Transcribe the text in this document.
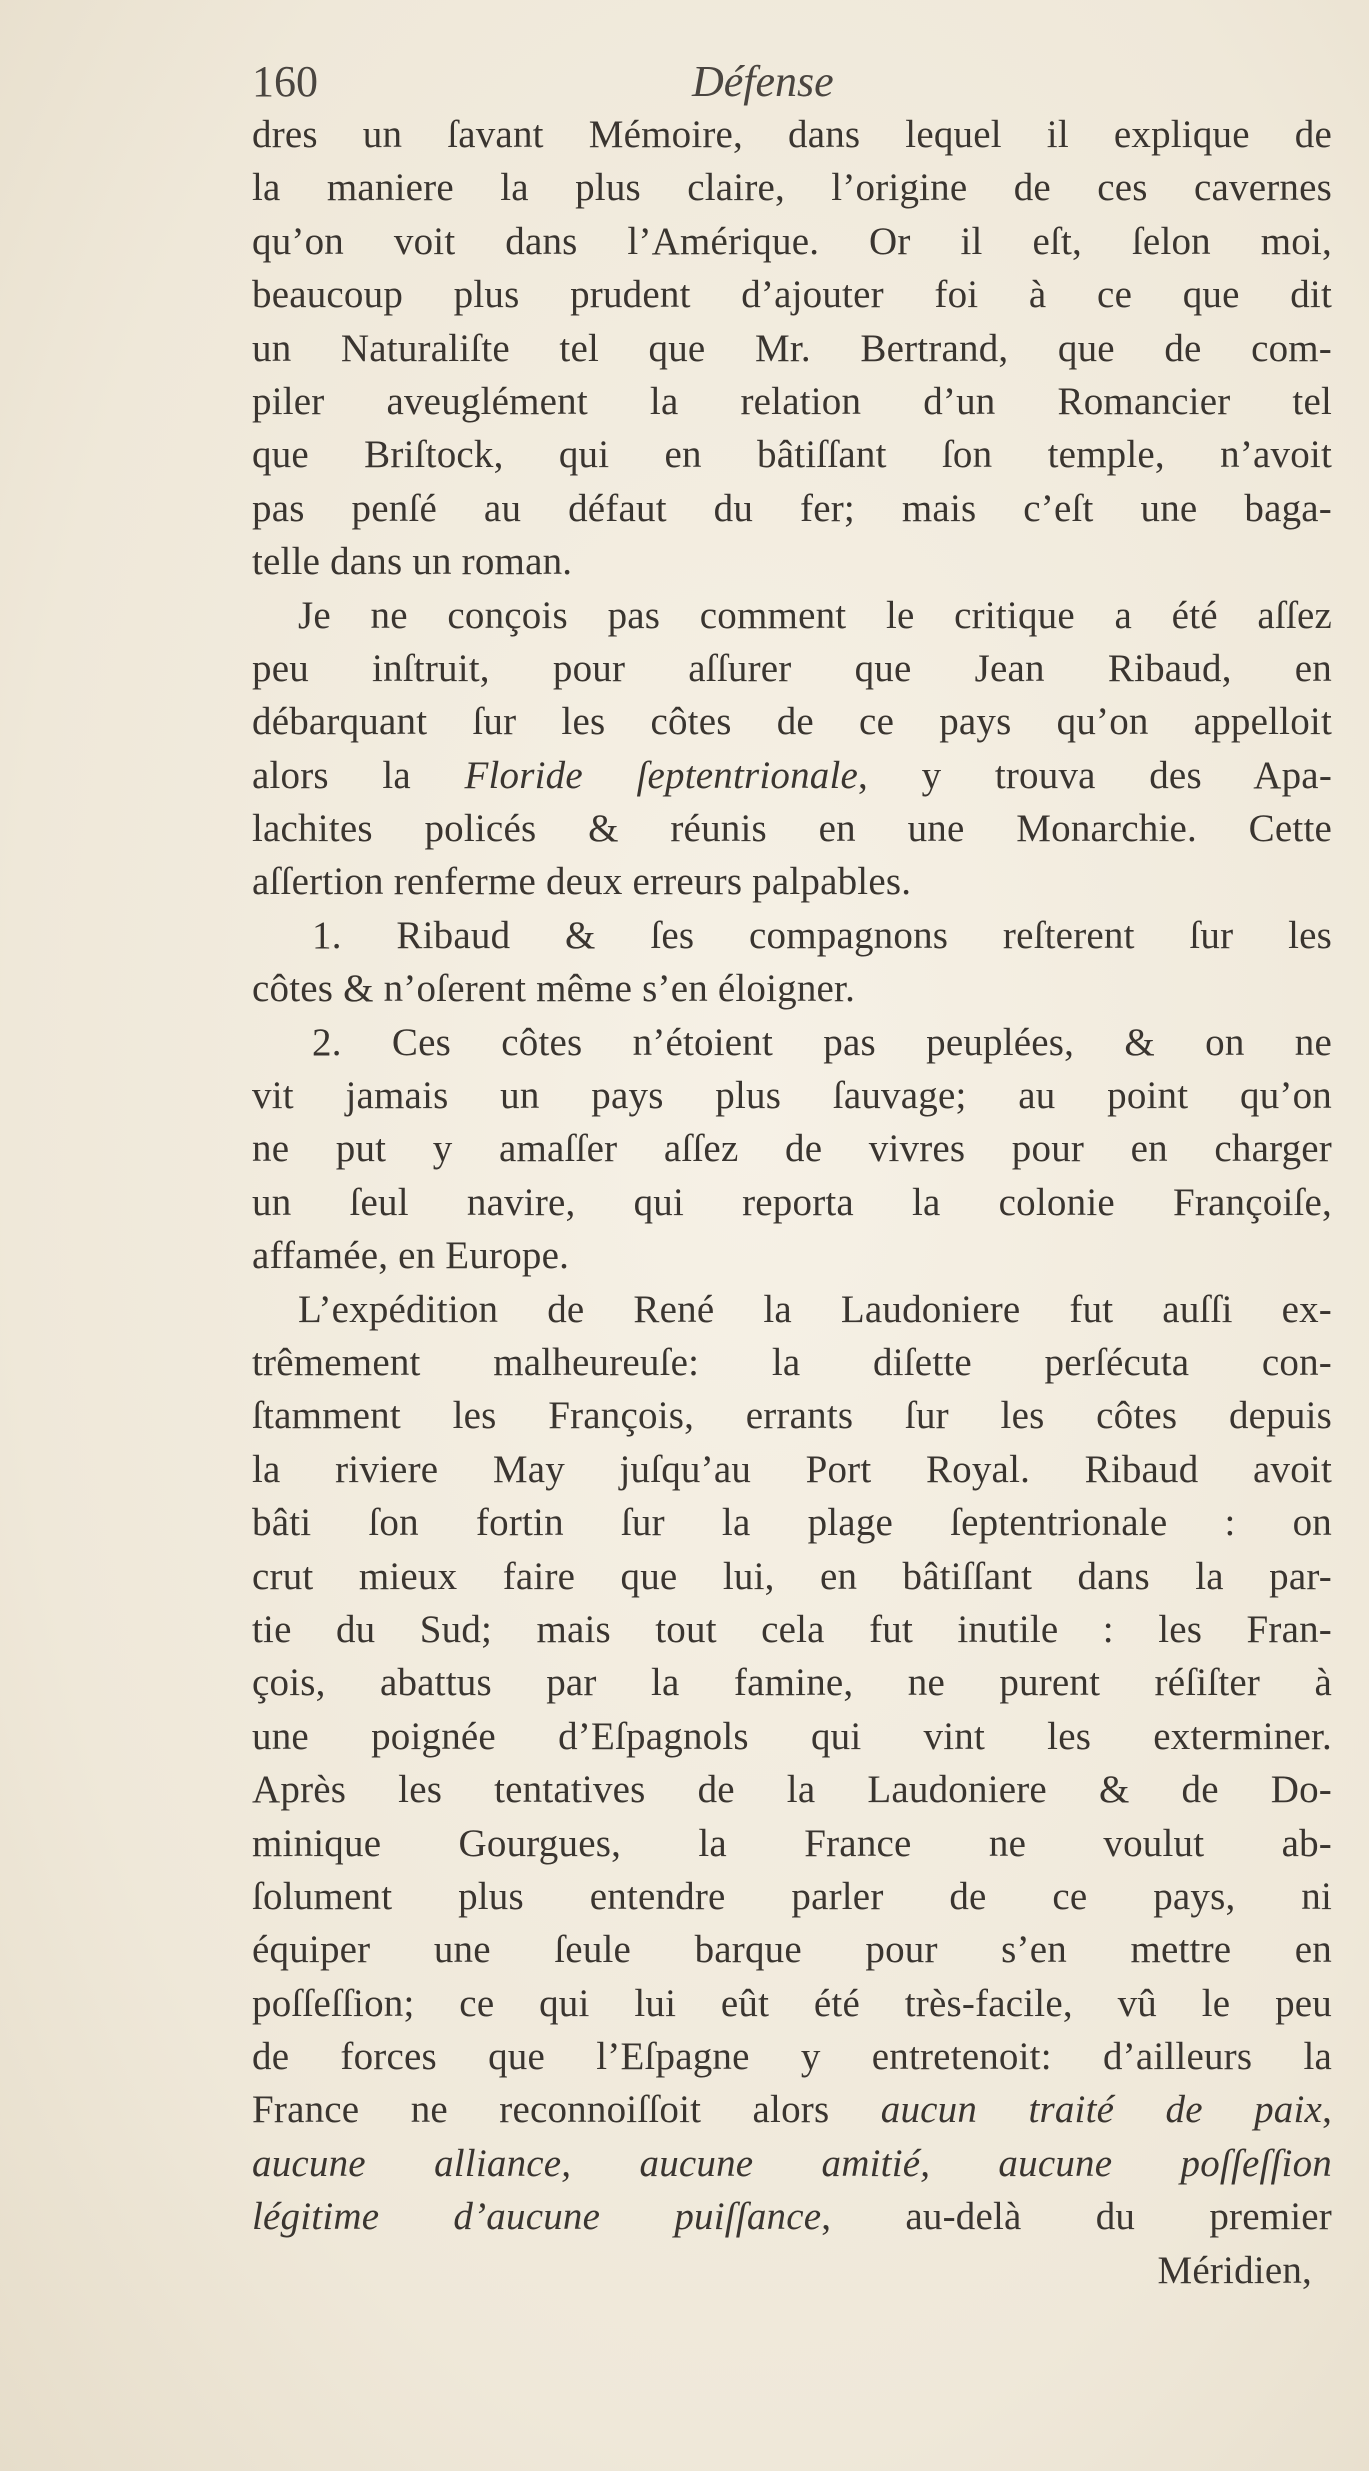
160	Défense
dres un ſavant Mémoire, dans lequel il explique de
la maniere la plus claire, l’origine de ces cavernes
qu’on voit dans l’Amérique. Or il eſt, ſelon moi,
beaucoup plus prudent d’ajouter foi à ce que dit
un Naturaliſte tel que Mr. Bertrand, que de com-
piler aveuglément la relation d’un Romancier tel
que Briſtock, qui en bâtiſſant ſon temple, n’avoit
pas penſé au défaut du fer; mais c’eſt une baga-
telle dans un roman.
Je ne conçois pas comment le critique a été aſſez
peu inſtruit, pour aſſurer que Jean Ribaud, en
débarquant ſur les côtes de ce pays qu’on appelloit
alors la Floride ſeptentrionale, y trouva des Apa-
lachites policés & réunis en une Monarchie. Cette
aſſertion renferme deux erreurs palpables.
1. Ribaud & ſes compagnons reſterent ſur les
côtes & n’oſerent même s’en éloigner.
2. Ces côtes n’étoient pas peuplées, & on ne
vit jamais un pays plus ſauvage; au point qu’on
ne put y amaſſer aſſez de vivres pour en charger
un ſeul navire, qui reporta la colonie Françoiſe,
affamée, en Europe.
L’expédition de René la Laudoniere fut auſſi ex-
trêmement malheureuſe: la diſette perſécuta con-
ſtamment les François, errants ſur les côtes depuis
la riviere May juſqu’au Port Royal. Ribaud avoit
bâti ſon fortin ſur la plage ſeptentrionale : on
crut mieux faire que lui, en bâtiſſant dans la par-
tie du Sud; mais tout cela fut inutile : les Fran-
çois, abattus par la famine, ne purent réſiſter à
une poignée d’Eſpagnols qui vint les exterminer.
Après les tentatives de la Laudoniere & de Do-
minique Gourgues, la France ne voulut ab-
ſolument plus entendre parler de ce pays, ni
équiper une ſeule barque pour s’en mettre en
poſſeſſion; ce qui lui eût été très-facile, vû le peu
de forces que l’Eſpagne y entretenoit: d’ailleurs la
France ne reconnoiſſoit alors aucun traité de paix,
aucune alliance, aucune amitié, aucune poſſeſſion
légitime d’aucune puiſſance, au-delà du premier
Méridien,
